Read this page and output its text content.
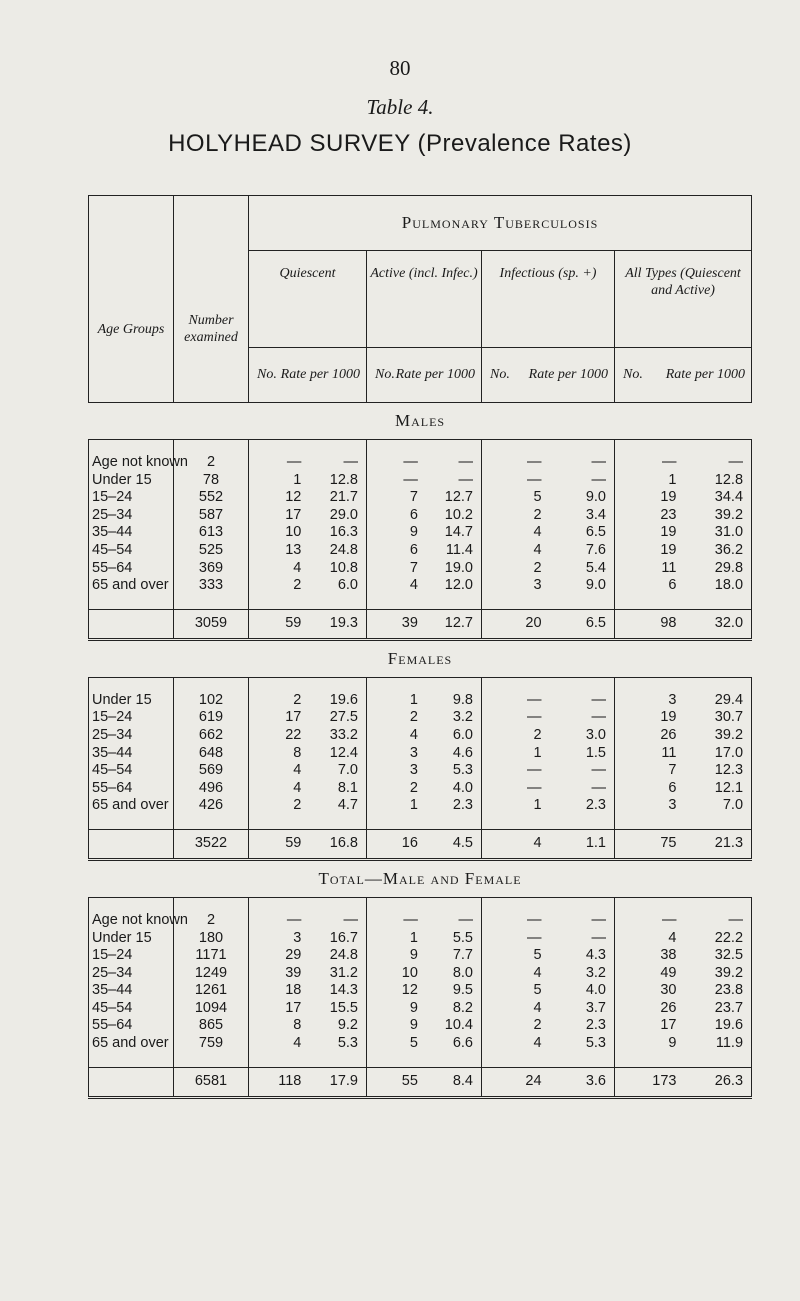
80
Table 4.
HOLYHEAD SURVEY (Prevalence Rates)
Age Groups	Number examined	Pulmonary Tuberculosis			
		Quiescent	Active (incl. Infec.)	Infectious (sp. +)	All Types (Quiescent and Active)

		No. Rate per 1000	No. Rate per 1000	No. Rate per 1000	No. Rate per 1000

Males					

Age not known	2	— —	— —	— —	— —

Under 15	78	1 12.8	— —	— —	1 12.8

15–24	552	12 21.7	7 12.7	5 9.0	19 34.4

25–34	587	17 29.0	6 10.2	2 3.4	23 39.2

35–44	613	10 16.3	9 14.7	4 6.5	19 31.0

45–54	525	13 24.8	6 11.4	4 7.6	19 36.2

55–64	369	4 10.8	7 19.0	2 5.4	11 29.8

65 and over	333	2 6.0	4 12.0	3 9.0	6 18.0

	3059	59 19.3	39 12.7	20 6.5	98 32.0

Females					

Under 15	102	2 19.6	1 9.8	— —	3 29.4

15–24	619	17 27.5	2 3.2	— —	19 30.7

25–34	662	22 33.2	4 6.0	2 3.0	26 39.2

35–44	648	8 12.4	3 4.6	1 1.5	11 17.0

45–54	569	4 7.0	3 5.3	— —	7 12.3

55–64	496	4 8.1	2 4.0	— —	6 12.1

65 and over	426	2 4.7	1 2.3	1 2.3	3 7.0

	3522	59 16.8	16 4.5	4 1.1	75 21.3

Total—Male and Female					

Age not known	2	— —	— —	— —	— —

Under 15	180	3 16.7	1 5.5	— —	4 22.2

15–24	1171	29 24.8	9 7.7	5 4.3	38 32.5

25–34	1249	39 31.2	10 8.0	4 3.2	49 39.2

35–44	1261	18 14.3	12 9.5	5 4.0	30 23.8

45–54	1094	17 15.5	9 8.2	4 3.7	26 23.7

55–64	865	8 9.2	9 10.4	2 2.3	17 19.6

65 and over	759	4 5.3	5 6.6	4 5.3	9 11.9

	6581	118 17.9	55 8.4	24 3.6	173 26.3
